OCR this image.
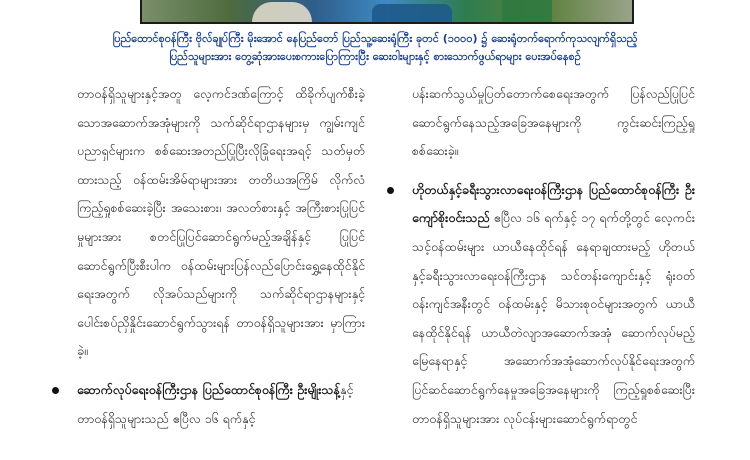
ပြည်ထောင်စုဝန်ကြီး ဗိုလ်ချုပ်ကြီး မိုးအောင် နေပြည်တော် ပြည်သူ့ဆေးရုံကြီး ခုတင် (၁၀၀၀) ၌ ဆေးရုံတက်ရောက်ကုသလျက်ရှိသည့်
ပြည်သူများအား တွေ့ဆုံအားပေးစကားပြောကြားပြီး ဆေးဝါးများနှင့် စားသောက်ဖွယ်ရာများ ပေးအပ်နေစဉ်

တာဝန်ရှိသူများနှင့်အတူ လေ့ကင်ဒဏ်ကြောင့် ထိခိုက်ပျက်စီးခဲ့သောအဆောက်အအုံများကို သက်ဆိုင်ရာဌာနများမှ ကျွမ်းကျင်ပညာရှင်များက စစ်ဆေးအတည်ပြုပြီးလိုခြုံရေးအရင့် သတ်မှတ်ထားသည့် ဝန်ထမ်းအိမ်ရာများအား တတိယအကြိမ် လိုက်လံကြည့်ရှုစစ်ဆေးခဲ့ပြီး အသေးစား၊ အလတ်စားနှင့် အကြီးစားပြုပြင်မှုများအား စတင်ပြုပြင်ဆောင်ရွက်မည့်အချိန်နှင့် ပြုပြင်ဆောင်ရွက်ပြီးစီးပါက ဝန်ထမ်းများပြန်လည်ပြောင်းရွှေ့နေထိုင်နိုင်ရေးအတွက် လိုအပ်သည်များကို သက်ဆိုင်ရာဌာနများနှင့် ပေါင်းစပ်ညှိနှိုင်းဆောင်ရွက်သွားရန် တာဝန်ရှိသူများအား မှာကြားခဲ့။

ဆောက်လုပ်ရေးဝန်ကြီးဌာန ပြည်ထောင်စုဝန်ကြီး ဦးမျိုးသန့်နှင့် တာဝန်ရှိသူများသည် ဧပြီလ ၁၆ ရက်နှင့်

ပန်းဆက်သွယ်မှုပြတ်တောက်စေရေးအတွက် ပြန်လည်ပြုပြင်ဆောင်ရွက်နေသည့်အခြေအနေများကို ကွင်းဆင်းကြည့်ရှုစစ်ဆေးခဲ့။

ဟိုတယ်နှင့်ခရီးသွားလာရေးဝန်ကြီးဌာန ပြည်ထောင်စုဝန်ကြီး ဦးကျော်စိုးဝင်းသည် ဧပြီလ ၁၆ ရက်နှင့် ၁၇ ရက်တို့တွင် လေ့ကင်းသင့်ဝန်ထမ်းများ ယာယီနေထိုင်ရန် နေရာချထားမည့် ဟိုတယ်နှင့်ခရီးသွားလာရေးဝန်ကြီးဌာန သင်တန်းကျောင်းနှင့် ရုံးဝတ်ဝန်းကျင်အနီးတွင် ဝန်ထမ်းနှင့် မိသားစုဝင်များအတွက် ယာယီနေထိုင်နိုင်ရန် ယာယီတဲလျာအဆောက်အအုံ ဆောက်လုပ်မည့်မြေနေရာနှင့် အဆောက်အအုံဆောက်လုပ်နိုင်ရေးအတွက် ပြင်ဆင်ဆောင်ရွက်နေမှုအခြေအနေများကို ကြည့်ရှုစစ်ဆေးပြီး တာဝန်ရှိသူများအား လုပ်ငန်းများဆောင်ရွက်ရာတွင်
